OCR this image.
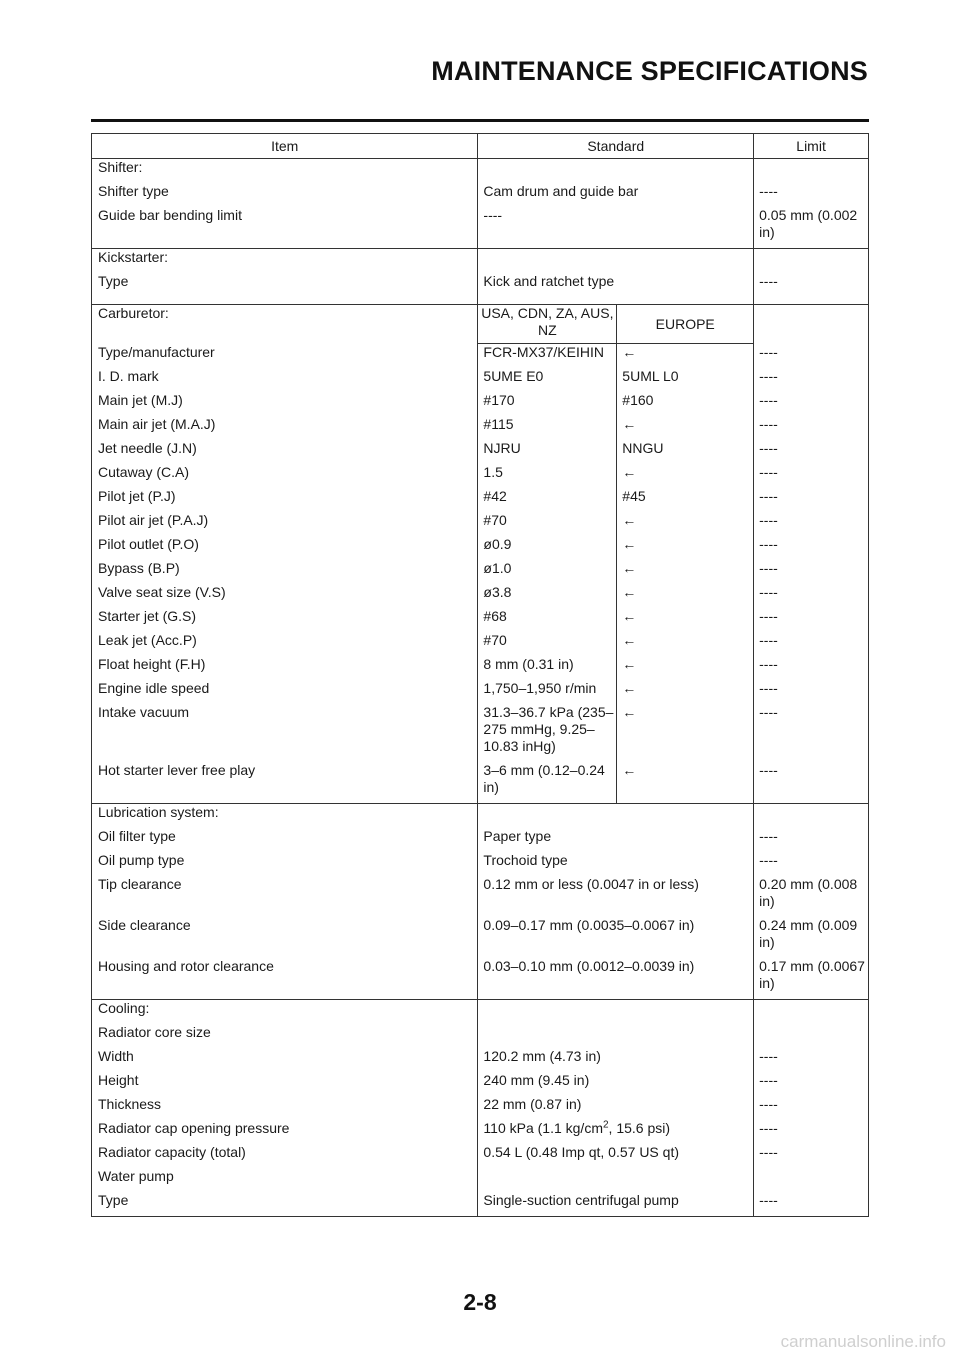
MAINTENANCE SPECIFICATIONS
Item	Standard		Limit
Shifter:			
Shifter type	Cam drum and guide bar		----
Guide bar bending limit	----		0.05 mm (0.002 in)
Kickstarter:			
Type	Kick and ratchet type		----
Carburetor:	USA, CDN, ZA, AUS, NZ	EUROPE	
Type/manufacturer	FCR-MX37/KEIHIN	←	----
I. D. mark	5UME E0	5UML L0	----
Main jet (M.J)	#170	#160	----
Main air jet (M.A.J)	#115	←	----
Jet needle (J.N)	NJRU	NNGU	----
Cutaway (C.A)	1.5	←	----
Pilot jet (P.J)	#42	#45	----
Pilot air jet (P.A.J)	#70	←	----
Pilot outlet (P.O)	ø0.9	←	----
Bypass (B.P)	ø1.0	←	----
Valve seat size (V.S)	ø3.8	←	----
Starter jet (G.S)	#68	←	----
Leak jet (Acc.P)	#70	←	----
Float height (F.H)	8 mm (0.31 in)	←	----
Engine idle speed	1,750–1,950 r/min	←	----
Intake vacuum	31.3–36.7 kPa (235–275 mmHg, 9.25–10.83 inHg)	←	----
Hot starter lever free play	3–6 mm (0.12–0.24 in)	←	----
Lubrication system:			
Oil filter type	Paper type		----
Oil pump type	Trochoid type		----
Tip clearance	0.12 mm or less (0.0047 in or less)		0.20 mm (0.008 in)
Side clearance	0.09–0.17 mm (0.0035–0.0067 in)		0.24 mm (0.009 in)
Housing and rotor clearance	0.03–0.10 mm (0.0012–0.0039 in)		0.17 mm (0.0067 in)
Cooling:			
Radiator core size			
Width	120.2 mm (4.73 in)		----
Height	240 mm (9.45 in)		----
Thickness	22 mm (0.87 in)		----
Radiator cap opening pressure	110 kPa (1.1 $kg/cm^2$, 15.6 psi)		----
Radiator capacity (total)	0.54 L (0.48 Imp qt, 0.57 US qt)		----
Water pump			
Type	Single-suction centrifugal pump		----
2-8
carmanualsonline.info
